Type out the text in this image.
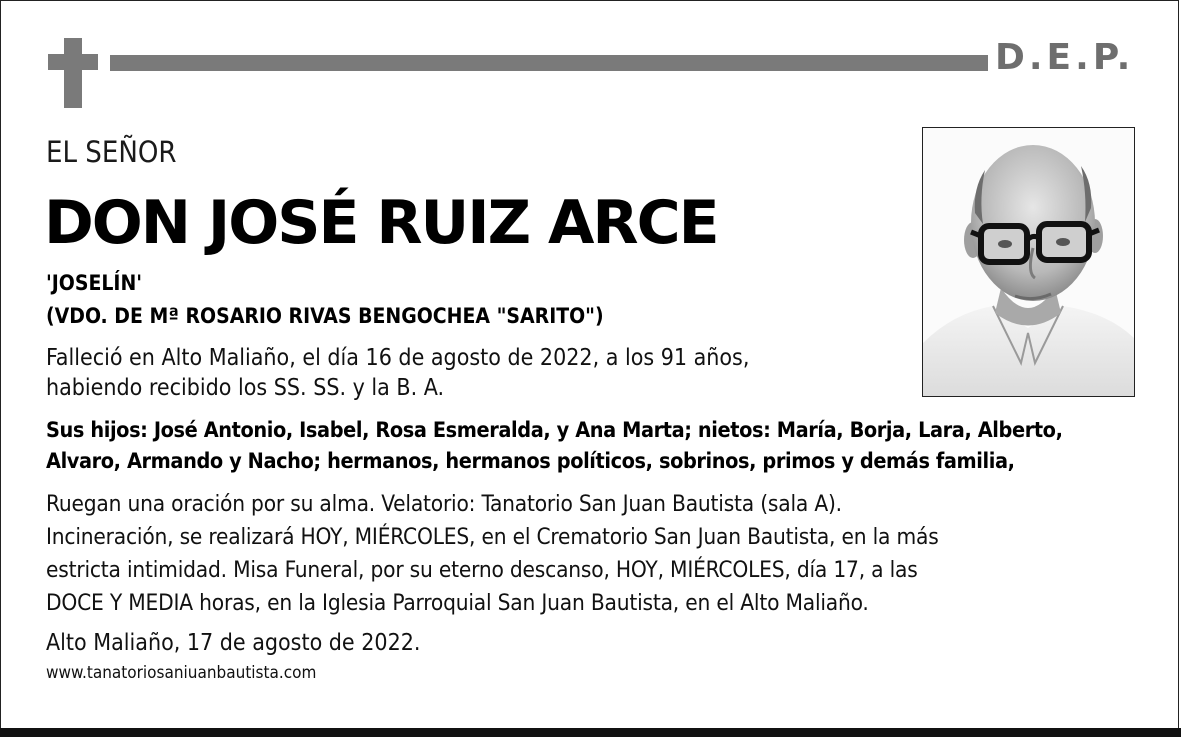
D.E.P.
EL SEÑOR
DON JOSÉ RUIZ ARCE
'JOSELÍN'
(VDO. DE Mª ROSARIO RIVAS BENGOCHEA "SARITO")
Falleció en Alto Maliaño, el día 16 de agosto de 2022, a los 91 años,
habiendo recibido los SS. SS. y la B. A.
Sus hijos: José Antonio, Isabel, Rosa Esmeralda, y Ana Marta; nietos: María, Borja, Lara, Alberto,
Alvaro, Armando y Nacho; hermanos, hermanos políticos, sobrinos, primos y demás familia,
Ruegan una oración por su alma. Velatorio: Tanatorio San Juan Bautista (sala A).
Incineración, se realizará HOY, MIÉRCOLES, en el Crematorio San Juan Bautista, en la más
estricta intimidad. Misa Funeral, por su eterno descanso, HOY, MIÉRCOLES, día 17, a las
DOCE Y MEDIA horas, en la Iglesia Parroquial San Juan Bautista, en el Alto Maliaño.
Alto Maliaño, 17 de agosto de 2022.
www.tanatoriosaniuanbautista.com
